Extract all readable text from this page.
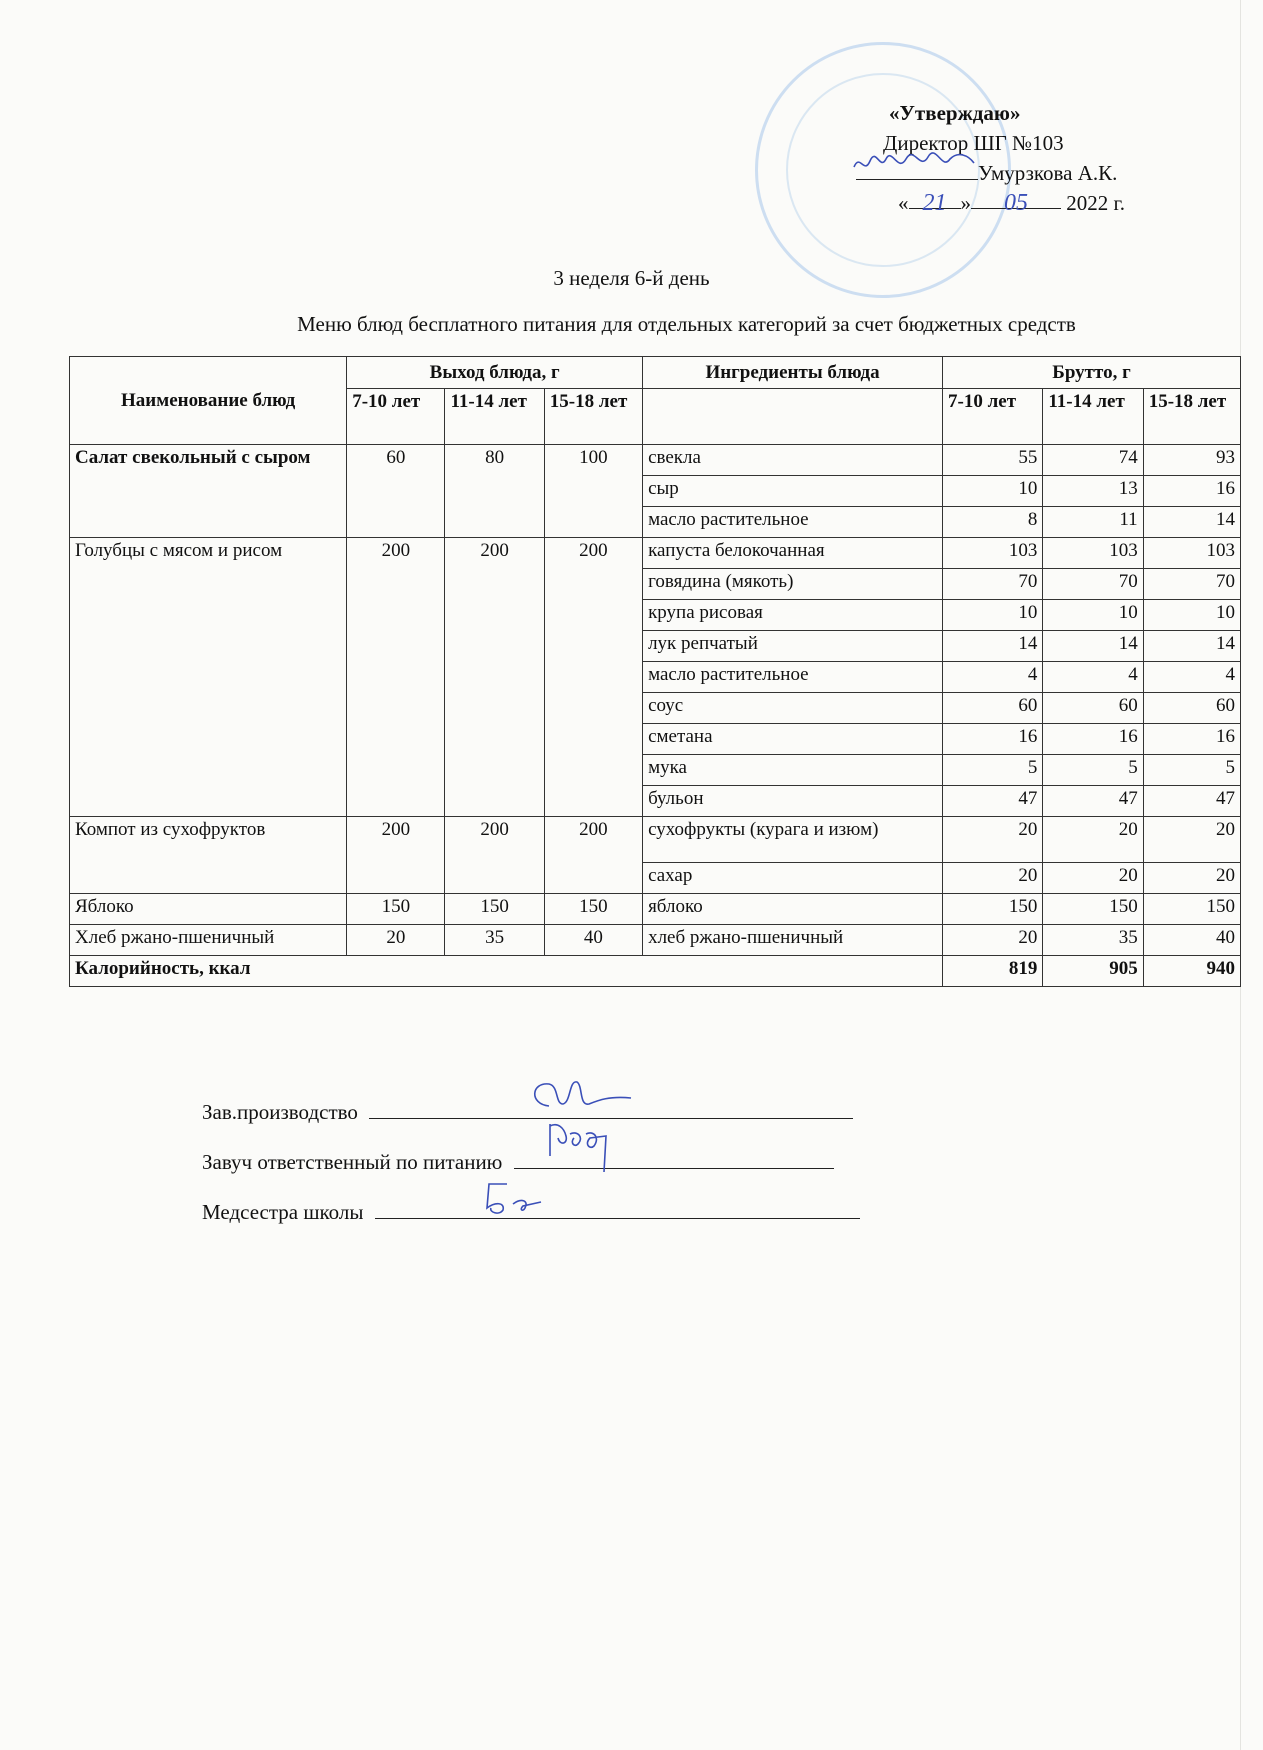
«Утверждаю»
Директор ШГ №103
Умурзкова А.К.
« 21 » 05 2022 г.
3 неделя 6-й день
Меню блюд бесплатного питания для отдельных категорий за счет бюджетных средств
Наименование блюд	Выход блюда, г			Ингредиенты блюда	Брутто, г		
	7-10 лет	11-14 лет	15-18 лет		7-10 лет	11-14 лет	15-18 лет
Салат свекольный с сыром	60	80	100	свекла	55	74	93
				сыр	10	13	16
				масло растительное	8	11	14
Голубцы с мясом и рисом	200	200	200	капуста белокочанная	103	103	103
				говядина (мякоть)	70	70	70
				крупа рисовая	10	10	10
				лук репчатый	14	14	14
				масло растительное	4	4	4
				соус	60	60	60
				сметана	16	16	16
				мука	5	5	5
				бульон	47	47	47
Компот из сухофруктов	200	200	200	сухофрукты (курага и изюм)	20	20	20
				сахар	20	20	20
Яблоко	150	150	150	яблоко	150	150	150
Хлеб ржано-пшеничный	20	35	40	хлеб ржано-пшеничный	20	35	40
Калорийность, ккал					819	905	940
Зав.производство
Завуч ответственный по питанию
Медсестра школы
